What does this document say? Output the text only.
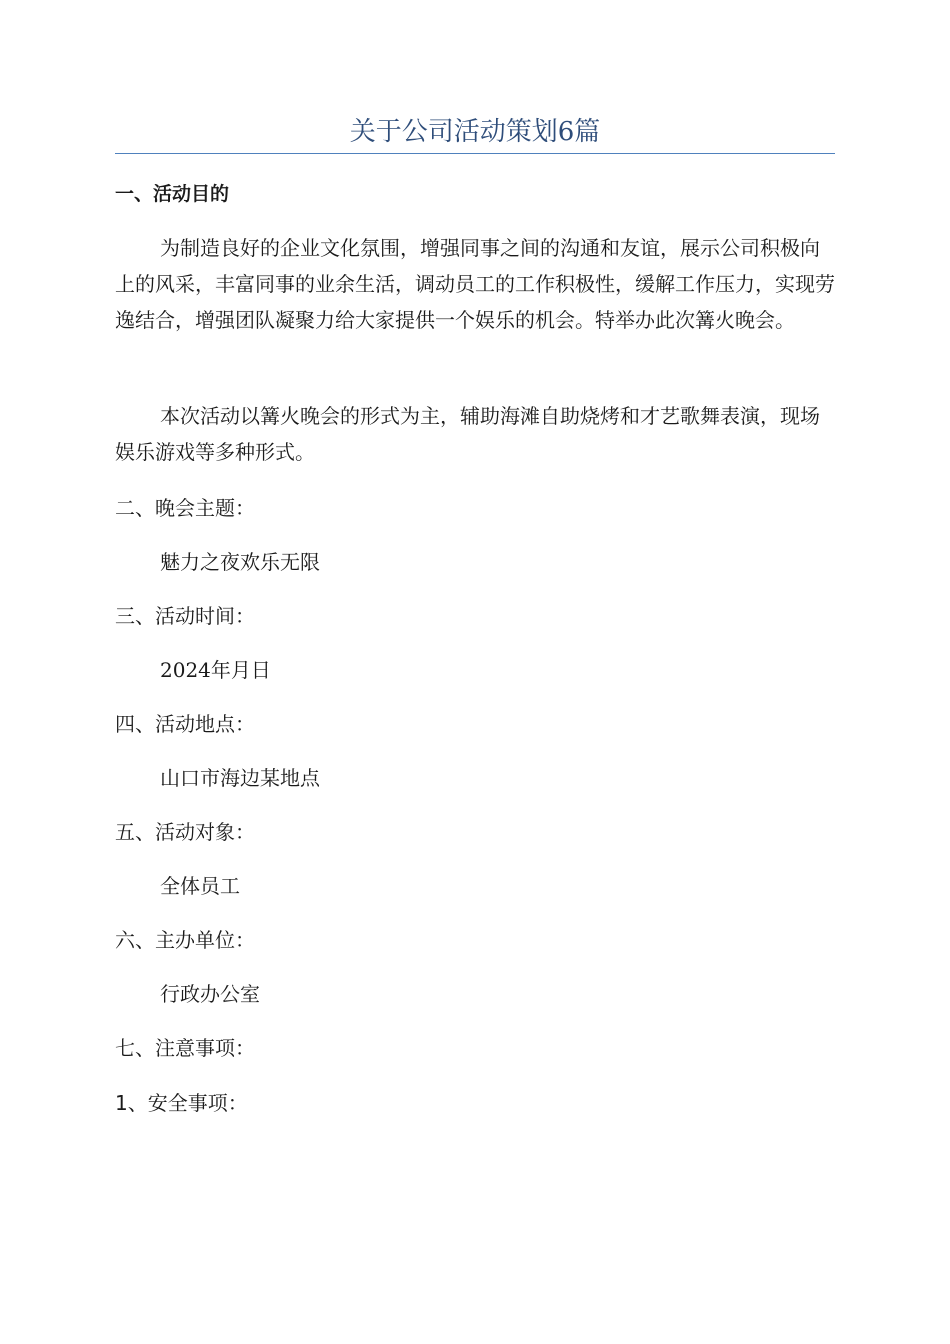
关于公司活动策划6篇

一、活动目的

为制造良好的企业文化氛围，增强同事之间的沟通和友谊，展示公司积极向上的风采，丰富同事的业余生活，调动员工的工作积极性，缓解工作压力，实现劳逸结合，增强团队凝聚力给大家提供一个娱乐的机会。特举办此次篝火晚会。

本次活动以篝火晚会的形式为主，辅助海滩自助烧烤和才艺歌舞表演，现场娱乐游戏等多种形式。

二、晚会主题：

魅力之夜欢乐无限

三、活动时间：

2024年月日

四、活动地点：

山口市海边某地点

五、活动对象：

全体员工

六、主办单位：

行政办公室

七、注意事项：

1、安全事项：
